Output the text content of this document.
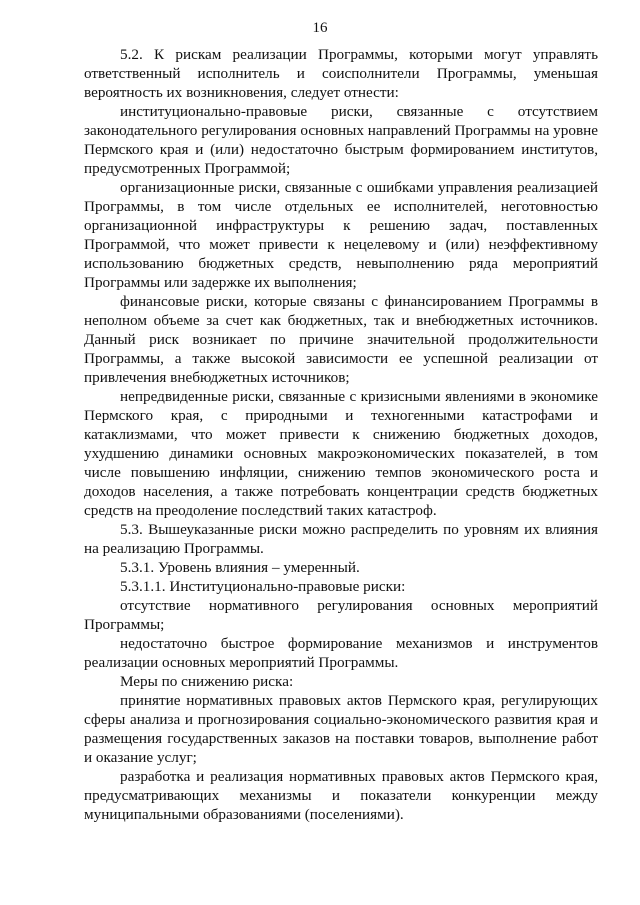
16

5.2. К рискам реализации Программы, которыми могут управлять ответственный исполнитель и соисполнители Программы, уменьшая вероятность их возникновения, следует отнести:

институционально-правовые риски, связанные с отсутствием законодательного регулирования основных направлений Программы на уровне Пермского края и (или) недостаточно быстрым формированием институтов, предусмотренных Программой;

организационные риски, связанные с ошибками управления реализацией Программы, в том числе отдельных ее исполнителей, неготовностью организационной инфраструктуры к решению задач, поставленных Программой, что может привести к нецелевому и (или) неэффективному использованию бюджетных средств, невыполнению ряда мероприятий Программы или задержке их выполнения;

финансовые риски, которые связаны с финансированием Программы в неполном объеме за счет как бюджетных, так и внебюджетных источников. Данный риск возникает по причине значительной продолжительности Программы, а также высокой зависимости ее успешной реализации от привлечения внебюджетных источников;

непредвиденные риски, связанные с кризисными явлениями в экономике Пермского края, с природными и техногенными катастрофами и катаклизмами, что может привести к снижению бюджетных доходов, ухудшению динамики основных макроэкономических показателей, в том числе повышению инфляции, снижению темпов экономического роста и доходов населения, а также потребовать концентрации средств бюджетных средств на преодоление последствий таких катастроф.

5.3. Вышеуказанные риски можно распределить по уровням их влияния на реализацию Программы.

5.3.1. Уровень влияния – умеренный.

5.3.1.1. Институционально-правовые риски:

отсутствие нормативного регулирования основных мероприятий Программы;

недостаточно быстрое формирование механизмов и инструментов реализации основных мероприятий Программы.

Меры по снижению риска:

принятие нормативных правовых актов Пермского края, регулирующих сферы анализа и прогнозирования социально-экономического развития края и размещения государственных заказов на поставки товаров, выполнение работ и оказание услуг;

разработка и реализация нормативных правовых актов Пермского края, предусматривающих механизмы и показатели конкуренции между муниципальными образованиями (поселениями).
